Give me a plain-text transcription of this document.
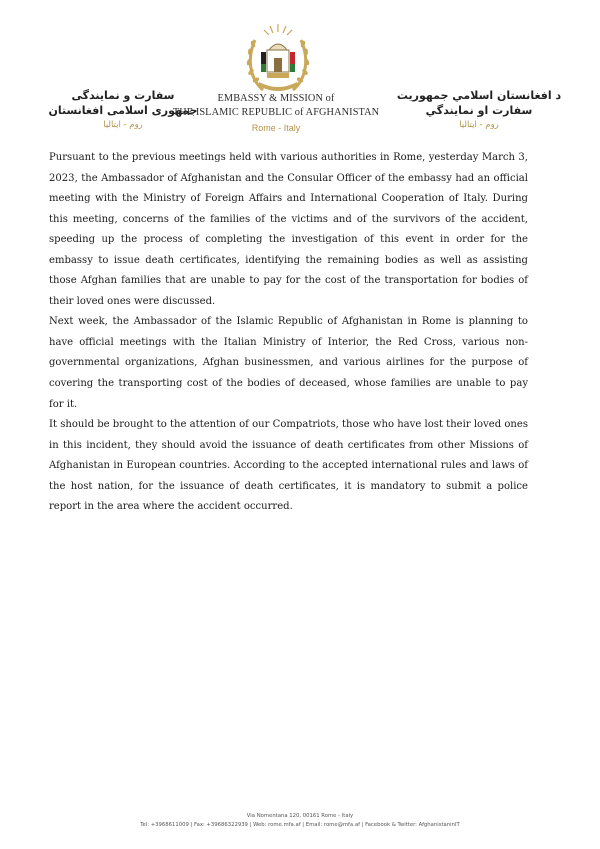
سفارت و نمایندگی
جمهوری اسلامی افغانستان
روم - ایتالیا
EMBASSY & MISSION of
THE ISLAMIC REPUBLIC of AFGHANISTAN
Rome - Italy
د افغانستان اسلامي جمهوریت
سفارت او نمايندگي
روم - ایتالیا

Pursuant to the previous meetings held with various authorities in Rome, yesterday March 3, 2023, the Ambassador of Afghanistan and the Consular Officer of the embassy had an official meeting with the Ministry of Foreign Affairs and International Cooperation of Italy. During this meeting, concerns of the families of the victims and of the survivors of the accident, speeding up the process of completing the investigation of this event in order for the embassy to issue death certificates, identifying the remaining bodies as well as assisting those Afghan families that are unable to pay for the cost of the transportation for bodies of their loved ones were discussed.

Next week, the Ambassador of the Islamic Republic of Afghanistan in Rome is planning to have official meetings with the Italian Ministry of Interior, the Red Cross, various non-governmental organizations, Afghan businessmen, and various airlines for the purpose of covering the transporting cost of the bodies of deceased, whose families are unable to pay for it.

It should be brought to the attention of our Compatriots, those who have lost their loved ones in this incident, they should avoid the issuance of death certificates from other Missions of Afghanistan in European countries. According to the accepted international rules and laws of the host nation, for the issuance of death certificates, it is mandatory to submit a police report in the area where the accident occurred.

Via Nomentana 120, 00161 Rome - Italy
Tel: +3968611009 | Fax: +39686322939 | Web: rome.mfa.af | Email: rome@mfa.af | Facebook & Twitter: AfghanistaninIT
